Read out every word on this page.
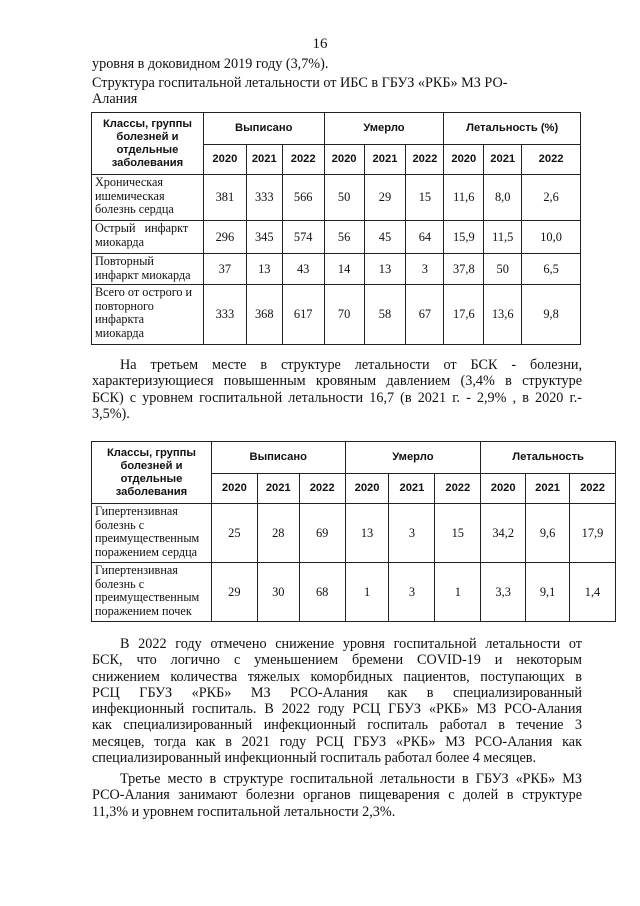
16
уровня в доковидном 2019 году (3,7%).
Структура госпитальной летальности от ИБС в ГБУЗ «РКБ» МЗ РО-
Алания
Классы, группы болезней и отдельные заболевания	Выписано			Умерло			Летальность (%)		
	2020	2021	2022	2020	2021	2022	2020	2021	2022
Хроническая
ишемическая
болезнь сердца	381	333	566	50	29	15	11,6	8,0	2,6
Острый   инфаркт
миокарда	296	345	574	56	45	64	15,9	11,5	10,0
Повторный
инфаркт миокарда	37	13	43	14	13	3	37,8	50	6,5
Всего от острого и
повторного
инфаркта
миокарда	333	368	617	70	58	67	17,6	13,6	9,8
На третьем месте в структуре летальности от БСК - болезни,
характеризующиеся повышенным кровяным давлением (3,4% в структуре
БСК) с уровнем госпитальной летальности 16,7 (в 2021 г. - 2,9% , в 2020 г.-
3,5%).
Классы, группы болезней и отдельные заболевания	Выписано			Умерло			Летальность		
	2020	2021	2022	2020	2021	2022	2020	2021	2022
Гипертензивная
болезнь с
преимущественным
поражением сердца	25	28	69	13	3	15	34,2	9,6	17,9
Гипертензивная
болезнь с
преимущественным
поражением почек	29	30	68	1	3	1	3,3	9,1	1,4
В 2022 году отмечено снижение уровня госпитальной летальности от
БСК, что логично с уменьшением бремени COVID-19 и некоторым
снижением количества тяжелых коморбидных пациентов, поступающих в
РСЦ ГБУЗ «РКБ» МЗ РСО-Алания как в специализированный
инфекционный госпиталь. В 2022 году РСЦ ГБУЗ «РКБ» МЗ РСО-Алания
как специализированный инфекционный госпиталь работал в течение 3
месяцев, тогда как в 2021 году РСЦ ГБУЗ «РКБ» МЗ РСО-Алания как
специализированный инфекционный госпиталь работал более 4 месяцев.
Третье место в структуре госпитальной летальности в ГБУЗ «РКБ» МЗ
РСО-Алания занимают болезни органов пищеварения с долей в структуре
11,3% и уровнем госпитальной летальности 2,3%.
